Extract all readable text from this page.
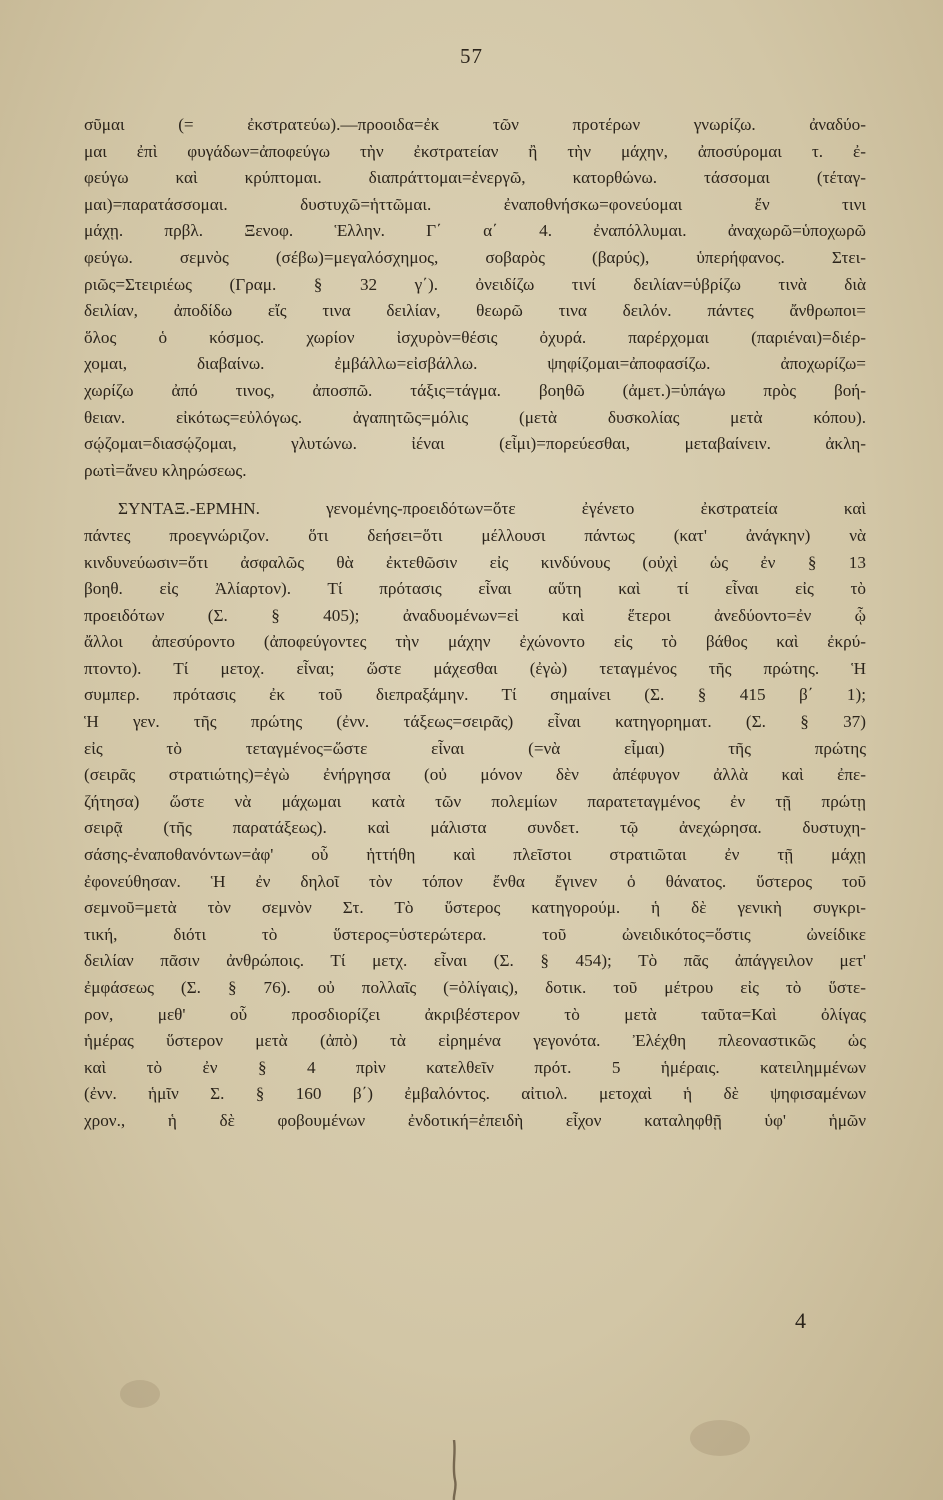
57
σῦμαι (= ἐκστρατεύω).—προοιδα=ἐκ τῶν προτέρων γνωρίζω. ἀναδύο-
μαι ἐπὶ φυγάδων=ἀποφεύγω τὴν ἐκστρατείαν ἢ τὴν μάχην, ἀποσύρομαι τ. ἐ-
φεύγω καὶ κρύπτομαι. διαπράττομαι=ἐνεργῶ, κατορθώνω. τάσσομαι (τέταγ-
μαι)=παρατάσσομαι. δυστυχῶ=ἡττῶμαι. ἐναποθνήσκω=φονεύομαι ἔν τινι
μάχῃ. πρβλ. Ξενοφ. Ἑλλην. Γ΄ α΄ 4. ἐναπόλλυμαι. ἀναχωρῶ=ὑποχωρῶ
φεύγω. σεμνὸς (σέβω)=μεγαλόσχημος, σοβαρὸς (βαρύς), ὑπερήφανος. Στει-
ριῶς=Στειριέως (Γραμ. § 32 γ΄). ὀνειδίζω τινί δειλίαν=ὑβρίζω τινὰ διὰ
δειλίαν, ἀποδίδω εἴς τινα δειλίαν, θεωρῶ τινα δειλόν. πάντες ἄνθρωποι=
ὅλος ὁ κόσμος. χωρίον ἰσχυρὸν=θέσις ὀχυρά. παρέρχομαι (παριέναι)=διέρ-
χομαι, διαβαίνω. ἐμβάλλω=εἰσβάλλω. ψηφίζομαι=ἀποφασίζω. ἀποχωρίζω=
χωρίζω ἀπό τινος, ἀποσπῶ. τάξις=τάγμα. βοηθῶ (ἀμετ.)=ὑπάγω πρὸς βοή-
θειαν. εἰκότως=εὐλόγως. ἀγαπητῶς=μόλις (μετὰ δυσκολίας μετὰ κόπου).
σῴζομαι=διασῴζομαι, γλυτώνω. ἰέναι (εἶμι)=πορεύεσθαι, μεταβαίνειν. ἀκλη-
ρωτὶ=ἄνευ κληρώσεως.
ΣΥΝΤΑΞ.-ΕΡΜΗΝ. γενομένης-προειδότων=ὅτε ἐγένετο ἐκστρατεία καὶ
πάντες προεγνώριζον. ὅτι δεήσει=ὅτι μέλλουσι πάντως (κατ' ἀνάγκην) νὰ
κινδυνεύωσιν=ὅτι ἀσφαλῶς θὰ ἐκτεθῶσιν εἰς κινδύνους (οὐχὶ ὡς ἐν § 13
βοηθ. εἰς Ἀλίαρτον). Τί πρότασις εἶναι αὕτη καὶ τί εἶναι εἰς τὸ
προειδότων (Σ. § 405); ἀναδυομένων=εἰ καὶ ἕτεροι ἀνεδύοντο=ἐν ᾧ
ἄλλοι ἀπεσύροντο (ἀποφεύγοντες τὴν μάχην ἐχώνοντο εἰς τὸ βάθος καὶ ἐκρύ-
πτοντο). Τί μετοχ. εἶναι; ὥστε μάχεσθαι (ἐγὼ) τεταγμένος τῆς πρώτης. Ἡ
συμπερ. πρότασις ἐκ τοῦ διεπραξάμην. Τί σημαίνει (Σ. § 415 β΄ 1);
Ἡ γεν. τῆς πρώτης (ἐνν. τάξεως=σειρᾶς) εἶναι κατηγορηματ. (Σ. § 37)
εἰς τὸ τεταγμένος=ὥστε εἶναι (=νὰ εἶμαι) τῆς πρώτης
(σειρᾶς στρατιώτης)=ἐγὼ ἐνήργησα (οὐ μόνον δὲν ἀπέφυγον ἀλλὰ καὶ ἐπε-
ζήτησα) ὥστε νὰ μάχωμαι κατὰ τῶν πολεμίων παρατεταγμένος ἐν τῇ πρώτῃ
σειρᾷ (τῆς παρατάξεως). καὶ μάλιστα συνδετ. τῷ ἀνεχώρησα. δυστυχη-
σάσης-ἐναποθανόντων=ἀφ' οὗ ἡττήθη καὶ πλεῖστοι στρατιῶται ἐν τῇ μάχῃ
ἐφονεύθησαν. Ἡ ἐν δηλοῖ τὸν τόπον ἔνθα ἔγινεν ὁ θάνατος. ὕστερος τοῦ
σεμνοῦ=μετὰ τὸν σεμνὸν Στ. Τὸ ὕστερος κατηγορούμ. ἡ δὲ γενικὴ συγκρι-
τική, διότι τὸ ὕστερος=ὑστερώτερα. τοῦ ὠνειδικότος=ὅστις ὠνείδικε
δειλίαν πᾶσιν ἀνθρώποις. Τί μετχ. εἶναι (Σ. § 454); Τὸ πᾶς ἀπάγγειλον μετ'
ἐμφάσεως (Σ. § 76). οὐ πολλαῖς (=ὀλίγαις), δοτικ. τοῦ μέτρου εἰς τὸ ὕστε-
ρον, μεθ' οὗ προσδιορίζει ἀκριβέστερον τὸ μετὰ ταῦτα=Καὶ ὀλίγας
ἡμέρας ὕστερον μετὰ (ἀπὸ) τὰ εἰρημένα γεγονότα. Ἐλέχθη πλεοναστικῶς ὡς
καὶ τὸ ἐν § 4 πρὶν κατελθεῖν πρότ. 5 ἡμέραις. κατειλημμένων
(ἐνν. ἡμῖν Σ. § 160 β΄) ἐμβαλόντος. αἰτιολ. μετοχαὶ ἡ δὲ ψηφισαμένων
χρον., ἡ δὲ φοβουμένων ἐνδοτική=ἐπειδὴ εἶχον καταληφθῇ ὑφ' ἡμῶν
4
